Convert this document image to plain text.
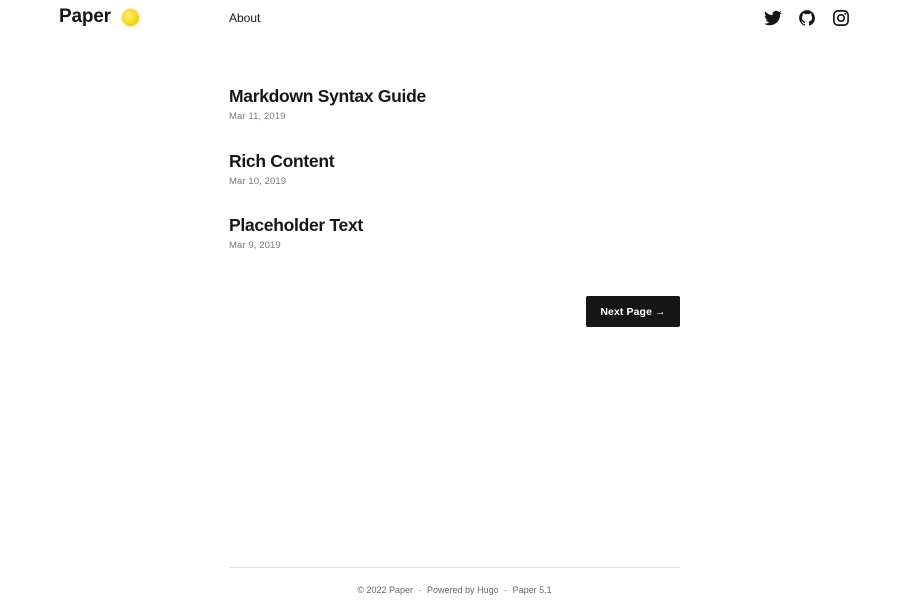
Paper	About
Markdown Syntax Guide
Mar 11, 2019
Rich Content
Mar 10, 2019
Placeholder Text
Mar 9, 2019
Next Page →
© 2022 Paper · Powered by Hugo · Paper 5.1
